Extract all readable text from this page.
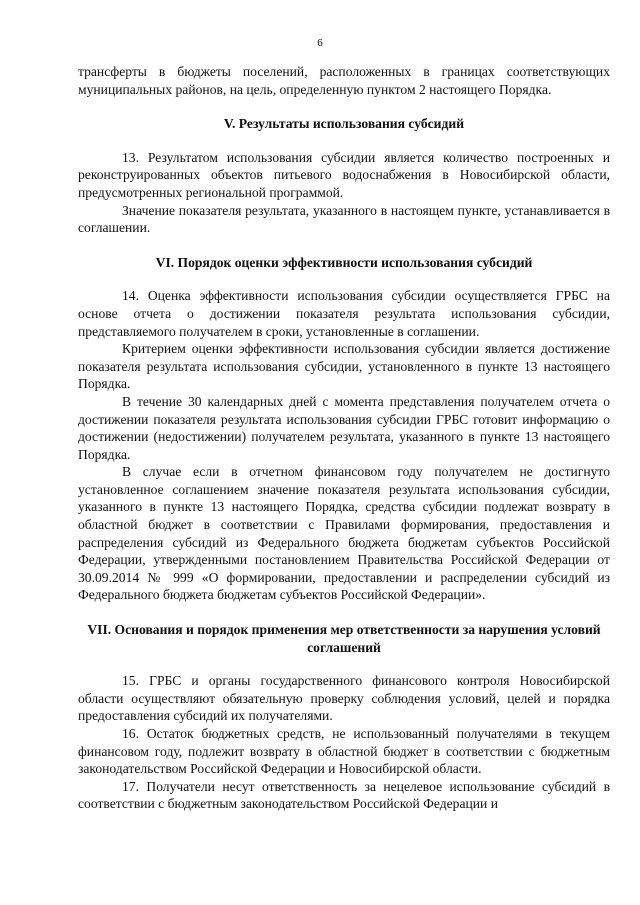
6

трансферты в бюджеты поселений, расположенных в границах соответствующих муниципальных районов, на цель, определенную пунктом 2 настоящего Порядка.

V. Результаты использования субсидий

13. Результатом использования субсидии является количество построенных и реконструированных объектов питьевого водоснабжения в Новосибирской области, предусмотренных региональной программой.

Значение показателя результата, указанного в настоящем пункте, устанавливается в соглашении.

VI. Порядок оценки эффективности использования субсидий

14. Оценка эффективности использования субсидии осуществляется ГРБС на основе отчета о достижении показателя результата использования субсидии, представляемого получателем в сроки, установленные в соглашении.

Критерием оценки эффективности использования субсидии является достижение показателя результата использования субсидии, установленного в пункте 13 настоящего Порядка.

В течение 30 календарных дней с момента представления получателем отчета о достижении показателя результата использования субсидии ГРБС готовит информацию о достижении (недостижении) получателем результата, указанного в пункте 13 настоящего Порядка.

В случае если в отчетном финансовом году получателем не достигнуто установленное соглашением значение показателя результата использования субсидии, указанного в пункте 13 настоящего Порядка, средства субсидии подлежат возврату в областной бюджет в соответствии с Правилами формирования, предоставления и распределения субсидий из Федерального бюджета бюджетам субъектов Российской Федерации, утвержденными постановлением Правительства Российской Федерации от 30.09.2014 № 999 «О формировании, предоставлении и распределении субсидий из Федерального бюджета бюджетам субъектов Российской Федерации».

VII. Основания и порядок применения мер ответственности за нарушения условий соглашений

15. ГРБС и органы государственного финансового контроля Новосибирской области осуществляют обязательную проверку соблюдения условий, целей и порядка предоставления субсидий их получателями.

16. Остаток бюджетных средств, не использованный получателями в текущем финансовом году, подлежит возврату в областной бюджет в соответствии с бюджетным законодательством Российской Федерации и Новосибирской области.

17. Получатели несут ответственность за нецелевое использование субсидий в соответствии с бюджетным законодательством Российской Федерации и
